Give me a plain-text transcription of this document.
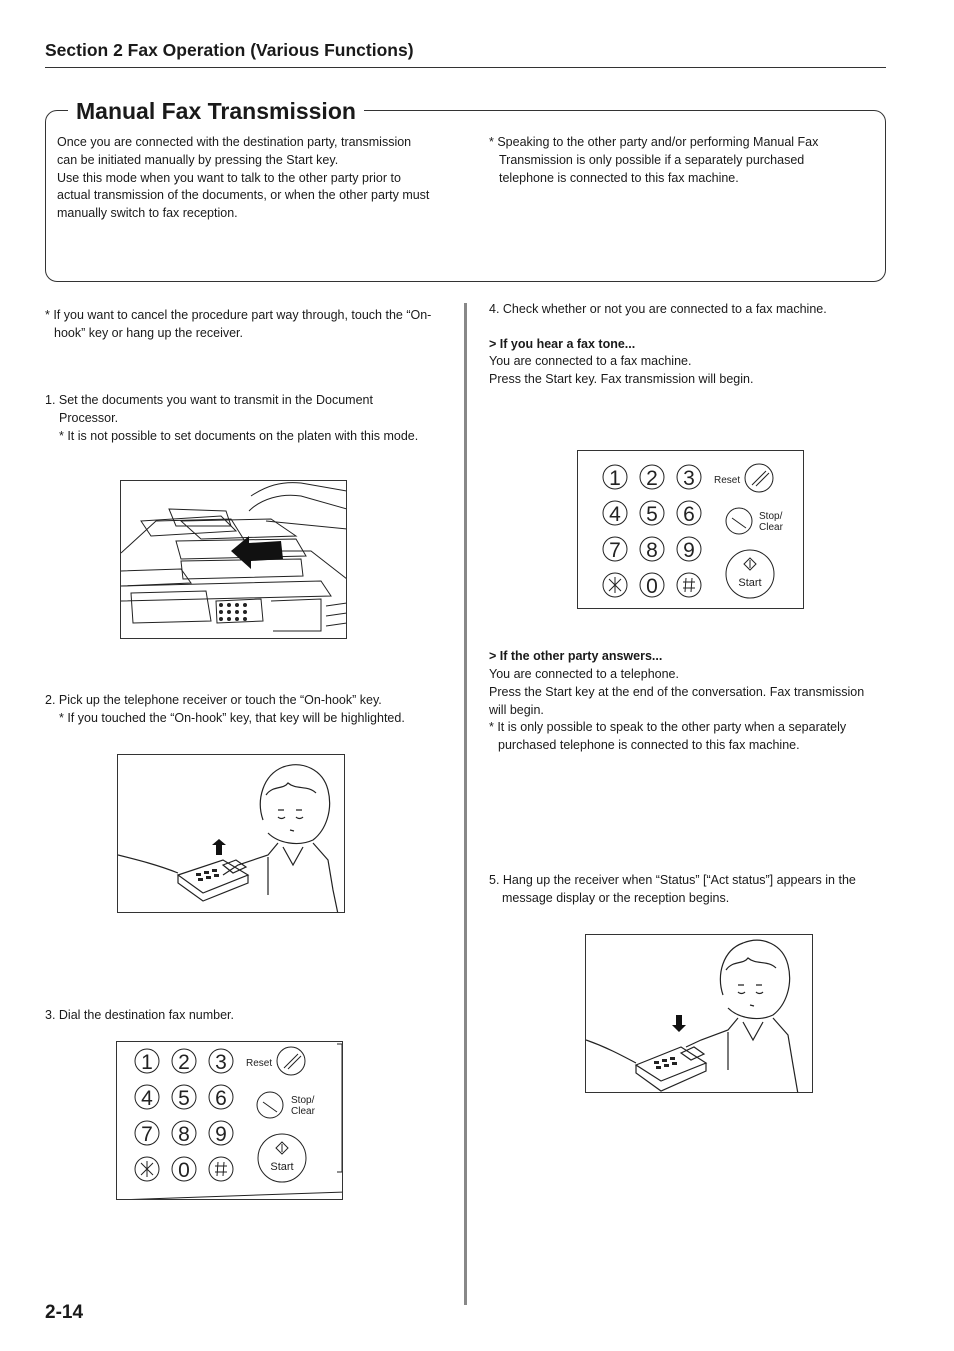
Section 2 Fax Operation (Various Functions)
Manual Fax Transmission
Once you are connected with the destination party, transmission
can be initiated manually by pressing the Start key.
Use this mode when you want to talk to the other party prior to
actual transmission of the documents, or when the other party must
manually switch to fax reception.
* Speaking to the other party and/or performing Manual Fax
Transmission is only possible if a separately purchased
telephone is connected to this fax machine.
* If you want to cancel the procedure part way through, touch the “On-
hook” key or hang up the receiver.
1. Set the documents you want to transmit in the Document
Processor.
* It is not possible to set documents on the platen with this mode.
2. Pick up the telephone receiver or touch the “On-hook” key.
* If you touched the “On-hook” key, that key will be highlighted.
3. Dial the destination fax number.
1 2 3
4 5 6
7 8 9
0
Reset
Stop/
Clear
Start
4. Check whether or not you are connected to a fax machine.
> If you hear a fax tone...
You are connected to a fax machine.
Press the Start key. Fax transmission will begin.
1 2 3
4 5 6
7 8 9
0
Reset
Stop/
Clear
Start
> If the other party answers...
You are connected to a telephone.
Press the Start key at the end of the conversation. Fax transmission
will begin.
* It is only possible to speak to the other party when a separately
purchased telephone is connected to this fax machine.
5. Hang up the receiver when “Status” [“Act status”] appears in the
message display or the reception begins.
2-14
